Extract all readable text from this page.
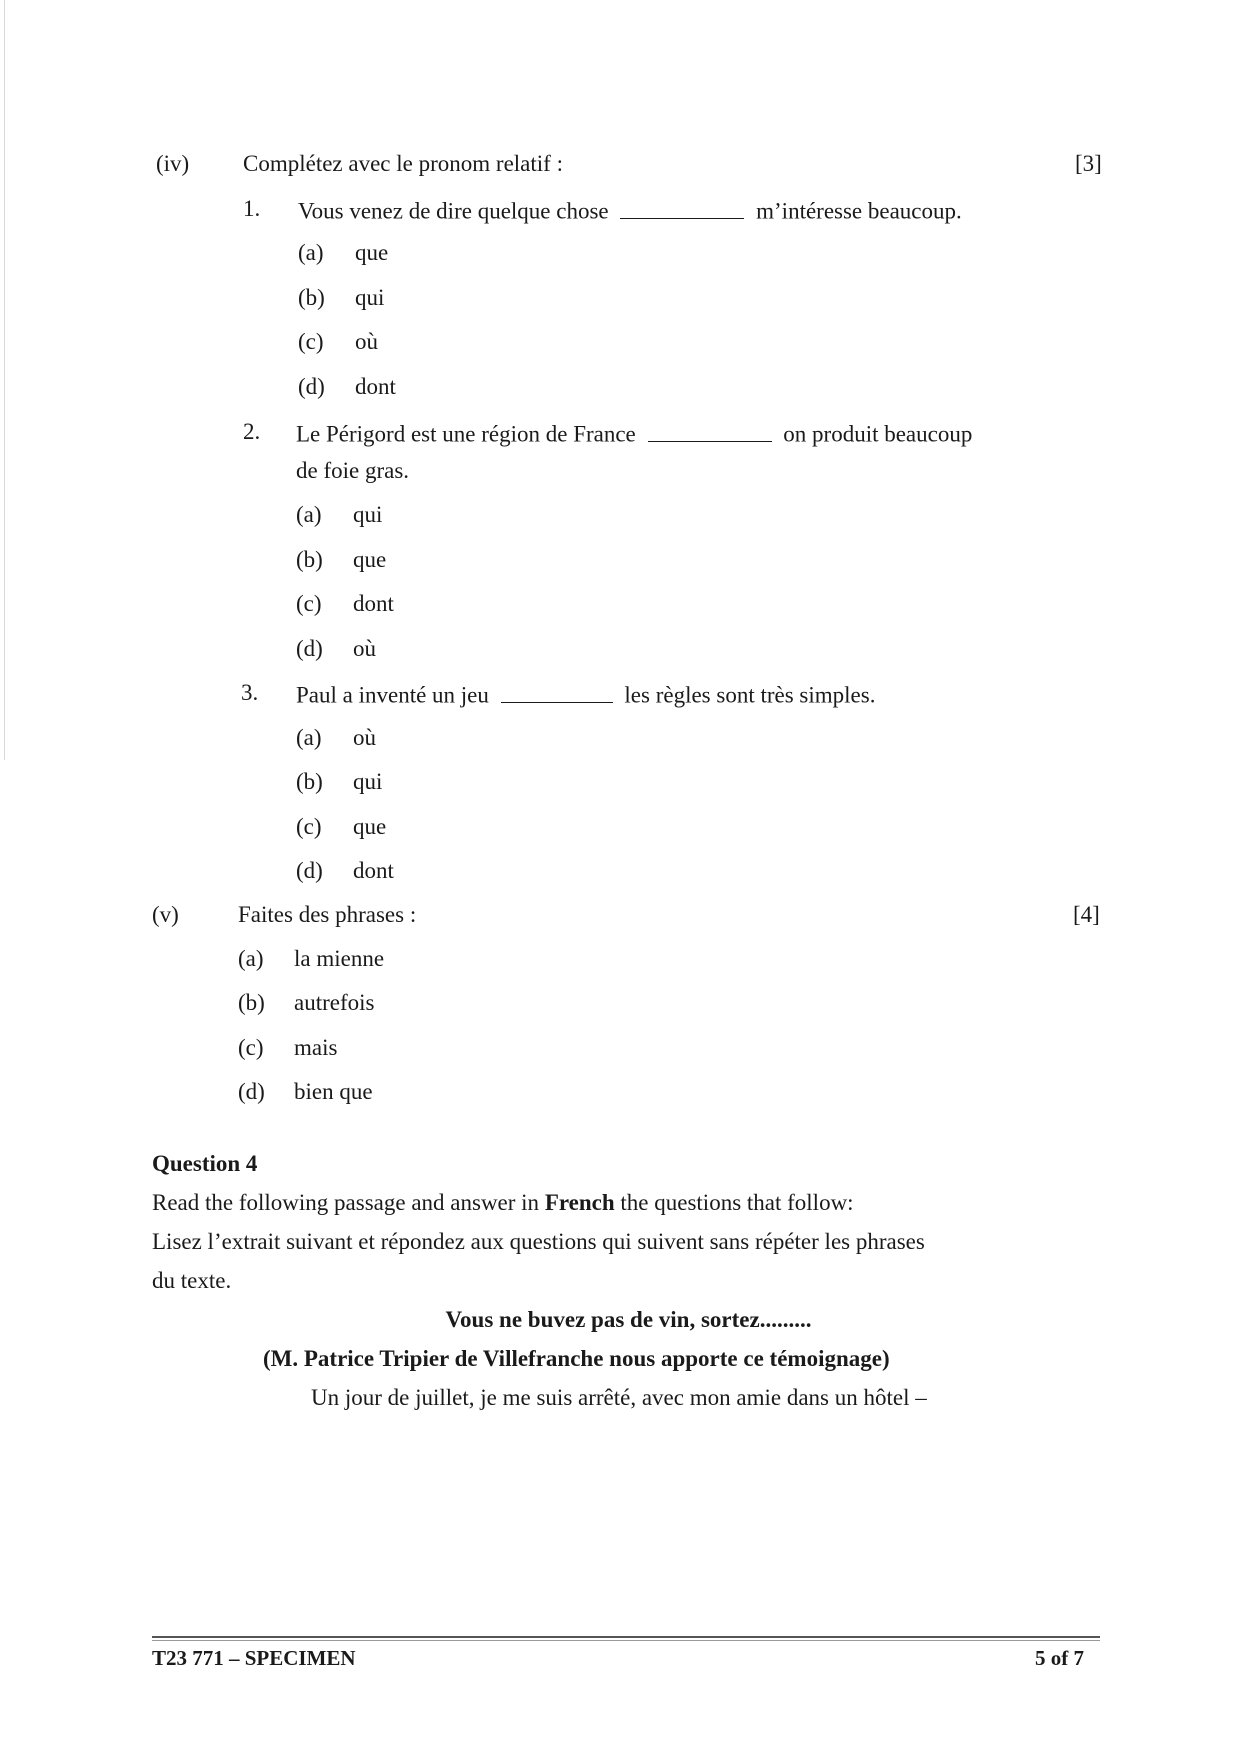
(iv) Complétez avec le pronom relatif :	[3]
1. Vous venez de dire quelque chose	m’intéresse beaucoup.
(a) que
(b) qui
(c) où
(d) dont
2. Le Périgord est une région de France	on produit beaucoup
de foie gras.
(a) qui
(b) que
(c) dont
(d) où
3. Paul a inventé un jeu	les règles sont très simples.
(a) où
(b) qui
(c) que
(d) dont
(v)	Faites des phrases :	[4]
(a) la mienne
(b) autrefois
(c) mais
(d) bien que
Question 4
Read the following passage and answer in French the questions that follow:
Lisez l’extrait suivant et répondez aux questions qui suivent sans répéter les phrases
du texte.
Vous ne buvez pas de vin, sortez.........
(M. Patrice Tripier de Villefranche nous apporte ce témoignage)
Un jour de juillet, je me suis arrêté, avec mon amie dans un hôtel –
T23 771 – SPECIMEN	5 of 7
